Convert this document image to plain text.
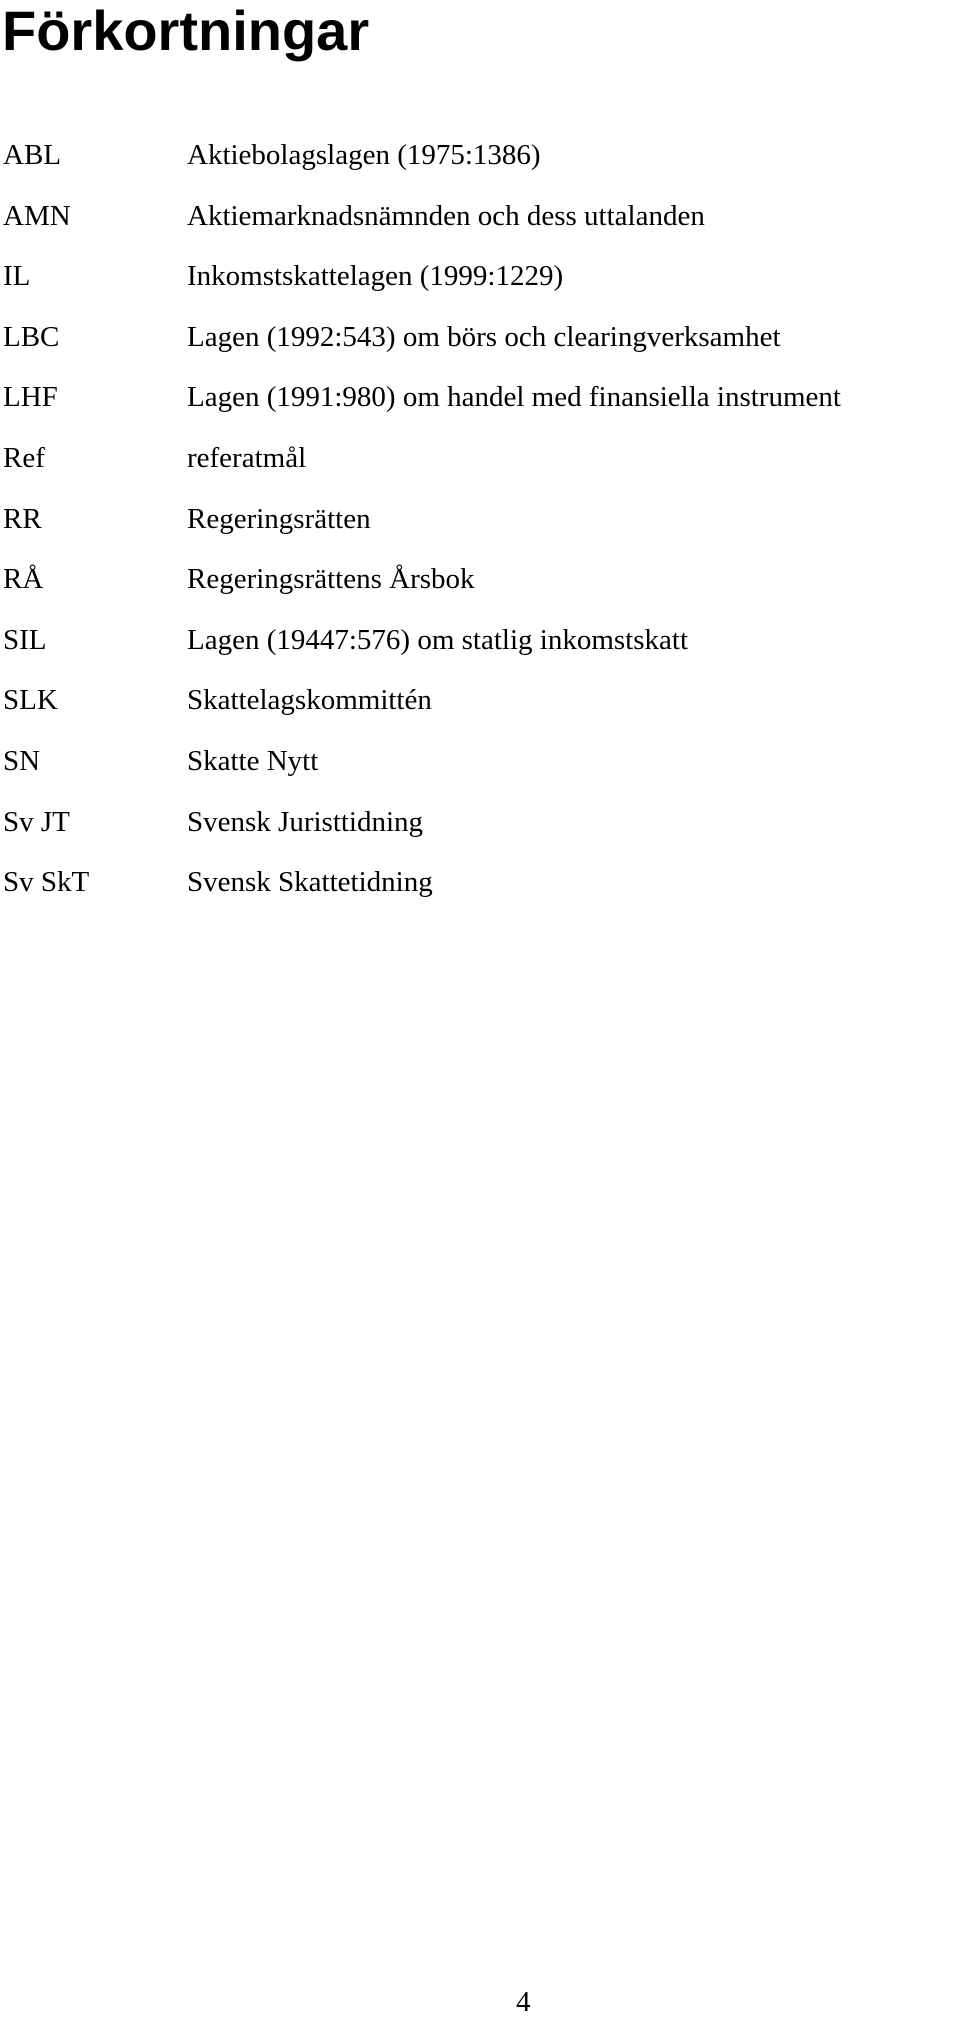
Förkortningar
ABL	Aktiebolagslagen (1975:1386)
AMN	Aktiemarknadsnämnden och dess uttalanden
IL	Inkomstskattelagen (1999:1229)
LBC	Lagen (1992:543) om börs och clearingverksamhet
LHF	Lagen (1991:980) om handel med finansiella instrument
Ref	referatmål
RR	Regeringsrätten
RÅ	Regeringsrättens Årsbok
SIL	Lagen (19447:576) om statlig inkomstskatt
SLK	Skattelagskommittén
SN	Skatte Nytt
Sv JT	Svensk Juristtidning
Sv SkT	Svensk Skattetidning
4
